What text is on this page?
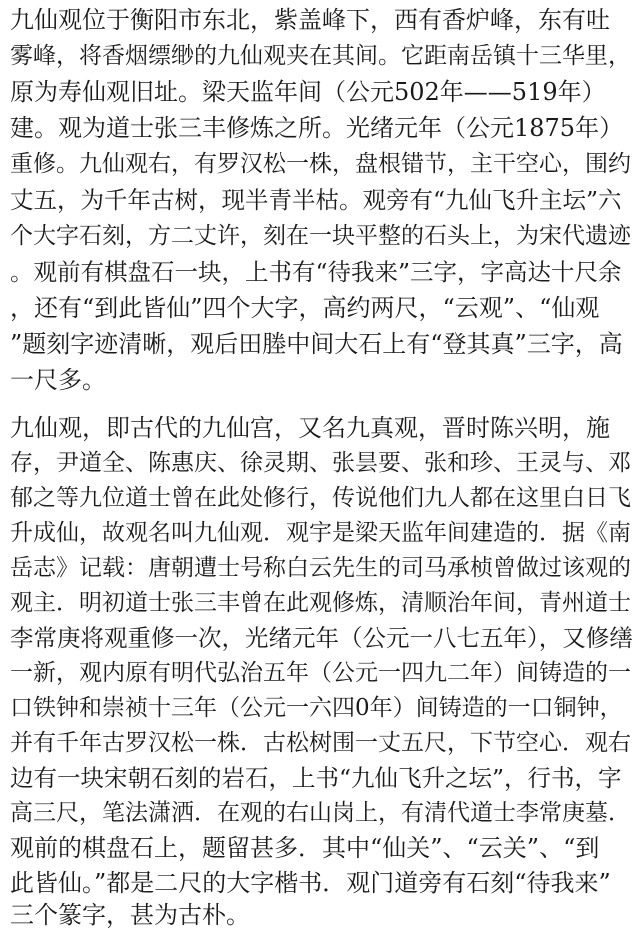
九仙观位于衡阳市东北，紫盖峰下，西有香炉峰，东有吐
雾峰，将香烟缥缈的九仙观夹在其间。它距南岳镇十三华里，
原为寿仙观旧址。梁天监年间（公元502年——519年）
建。观为道士张三丰修炼之所。光绪元年（公元1875年）
重修。九仙观右，有罗汉松一株，盘根错节，主干空心，围约
丈五，为千年古树，现半青半枯。观旁有“九仙飞升主坛”六
个大字石刻，方二丈许，刻在一块平整的石头上，为宋代遗迹
。观前有棋盘石一块，上书有“待我来”三字，字高达十尺余
，还有“到此皆仙”四个大字，高约两尺，“云观”、“仙观
”题刻字迹清晰，观后田塍中间大石上有“登其真”三字，高
一尺多。
九仙观，即古代的九仙宫，又名九真观，晋时陈兴明，施
存，尹道全、陈惠庆、徐灵期、张昙要、张和珍、王灵与、邓
郁之等九位道士曾在此处修行，传说他们九人都在这里白日飞
升成仙，故观名叫九仙观．观宇是梁天监年间建造的．据《南
岳志》记载：唐朝遭士号称白云先生的司马承桢曾做过该观的
观主．明初道士张三丰曾在此观修炼，清顺治年间，青州道士
李常庚将观重修一次，光绪元年（公元一八七五年），又修缮
一新，观内原有明代弘治五年（公元一四九二年）间铸造的一
口铁钟和崇祯十三年（公元一六四0年）间铸造的一口铜钟，
并有千年古罗汉松一株．古松树围一丈五尺，下节空心．观右
边有一块宋朝石刻的岩石，上书“九仙飞升之坛”，行书，字
高三尺，笔法潇洒．在观的右山岗上，有清代道士李常庚墓．
观前的棋盘石上，题留甚多．其中“仙关”、“云关”、“到
此皆仙。”都是二尺的大字楷书．观门道旁有石刻“待我来”
三个篆字，甚为古朴。
